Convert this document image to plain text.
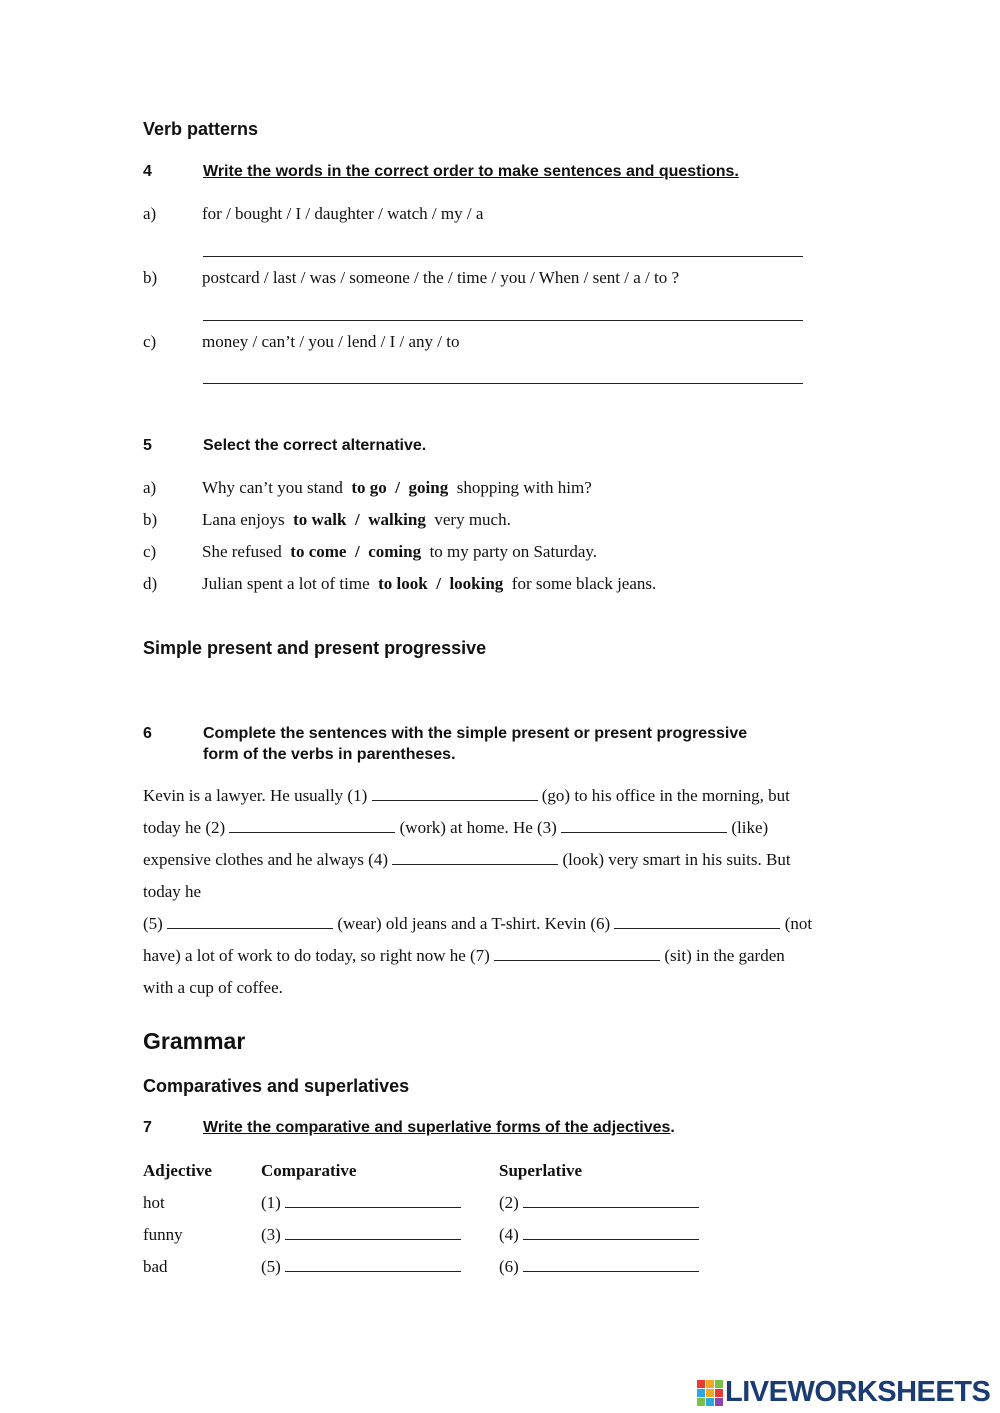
Verb patterns
4	Write the words in the correct order to make sentences and questions.
a)	for / bought / I / daughter / watch / my / a
b)	postcard / last / was / someone / the / time / you / When / sent / a / to ?
c)	money / can’t / you / lend / I / any / to
5	Select the correct alternative.
a)	Why can’t you stand to go / going shopping with him?
b)	Lana enjoys to walk / walking very much.
c)	She refused to come / coming to my party on Saturday.
d)	Julian spent a lot of time to look / looking for some black jeans.
Simple present and present progressive
6	Complete the sentences with the simple present or present progressive
form of the verbs in parentheses.
Kevin is a lawyer. He usually (1)	(go) to his office in the morning, but
today he (2)	(work) at home. He (3)	(like)
expensive clothes and he always (4)	(look) very smart in his suits. But
today he
(5)	(wear) old jeans and a T-shirt. Kevin (6)	(not
have) a lot of work to do today, so right now he (7)	(sit) in the garden
with a cup of coffee.
Grammar
Comparatives and superlatives
7	Write the comparative and superlative forms of the adjectives.
Adjective	Comparative	Superlative
hot	(1)	(2)
funny	(3)	(4)
bad	(5)	(6)
LIVEWORKSHEETS
